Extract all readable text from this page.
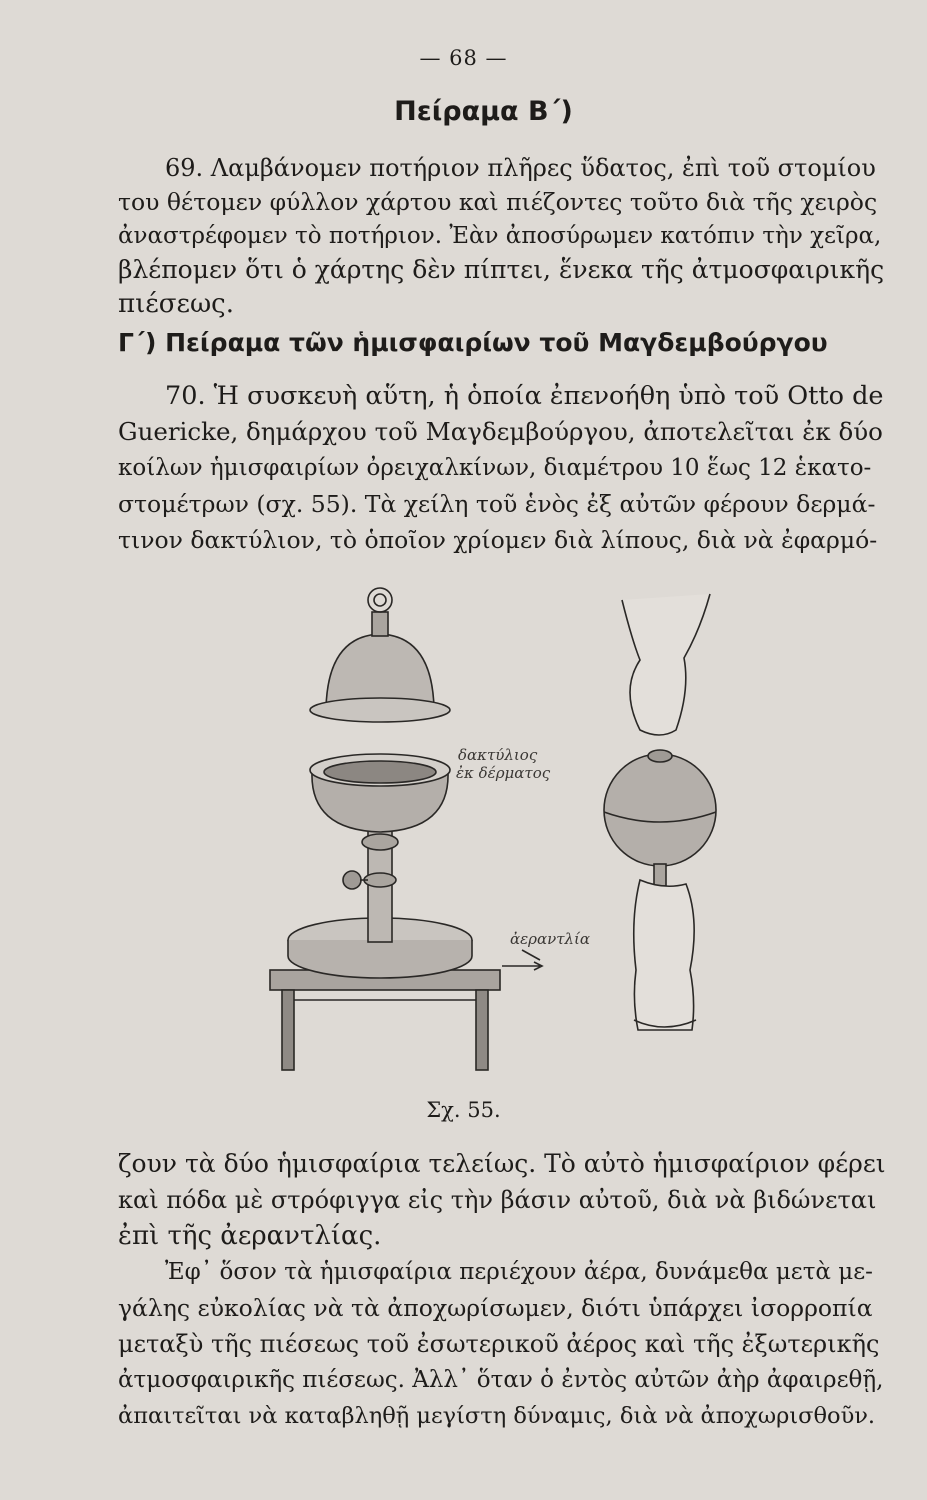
— 68 —
Πείραμα Β΄)
69. Λαμβάνομεν ποτήριον πλῆρες ὕδατος, ἐπὶ τοῦ στομίου
του θέτομεν φύλλον χάρτου καὶ πιέζοντες τοῦτο διὰ τῆς χειρὸς
ἀναστρέφομεν τὸ ποτήριον. Ἐὰν ἀποσύρωμεν κατόπιν τὴν χεῖρα,
βλέπομεν ὅτι ὁ χάρτης δὲν πίπτει, ἕνεκα τῆς ἀτμοσφαιρικῆς
πιέσεως.
Γ΄) Πείραμα τῶν ἡμισφαιρίων τοῦ Μαγδεμβούργου
70. Ἡ συσκευὴ αὕτη, ἡ ὁποία ἐπενοήθη ὑπὸ τοῦ Otto de
Guericke, δημάρχου τοῦ Μαγδεμβούργου, ἀποτελεῖται ἐκ δύο
κοίλων ἡμισφαιρίων ὀρειχαλκίνων, διαμέτρου 10 ἕως 12 ἑκατο-
στομέτρων (σχ. 55). Τὰ χείλη τοῦ ἑνὸς ἐξ αὐτῶν φέρουν δερμά-
τινον δακτύλιον, τὸ ὁποῖον χρίομεν διὰ λίπους, διὰ νὰ ἐφαρμό-
δακτύλιος
ἐκ δέρματος
ἀεραντλία
Σχ. 55.
ζουν τὰ δύο ἡμισφαίρια τελείως. Τὸ αὐτὸ ἡμισφαίριον φέρει
καὶ πόδα μὲ στρόφιγγα εἰς τὴν βάσιν αὐτοῦ, διὰ νὰ βιδώνεται
ἐπὶ τῆς ἀεραντλίας.
Ἐφ᾿ ὅσον τὰ ἡμισφαίρια περιέχουν ἀέρα, δυνάμεθα μετὰ με-
γάλης εὐκολίας νὰ τὰ ἀποχωρίσωμεν, διότι ὑπάρχει ἰσορροπία
μεταξὺ τῆς πιέσεως τοῦ ἐσωτερικοῦ ἀέρος καὶ τῆς ἐξωτερικῆς
ἀτμοσφαιρικῆς πιέσεως. Ἀλλ᾿ ὅταν ὁ ἐντὸς αὐτῶν ἀὴρ ἀφαιρεθῇ,
ἀπαιτεῖται νὰ καταβληθῇ μεγίστη δύναμις, διὰ νὰ ἀποχωρισθοῦν.
